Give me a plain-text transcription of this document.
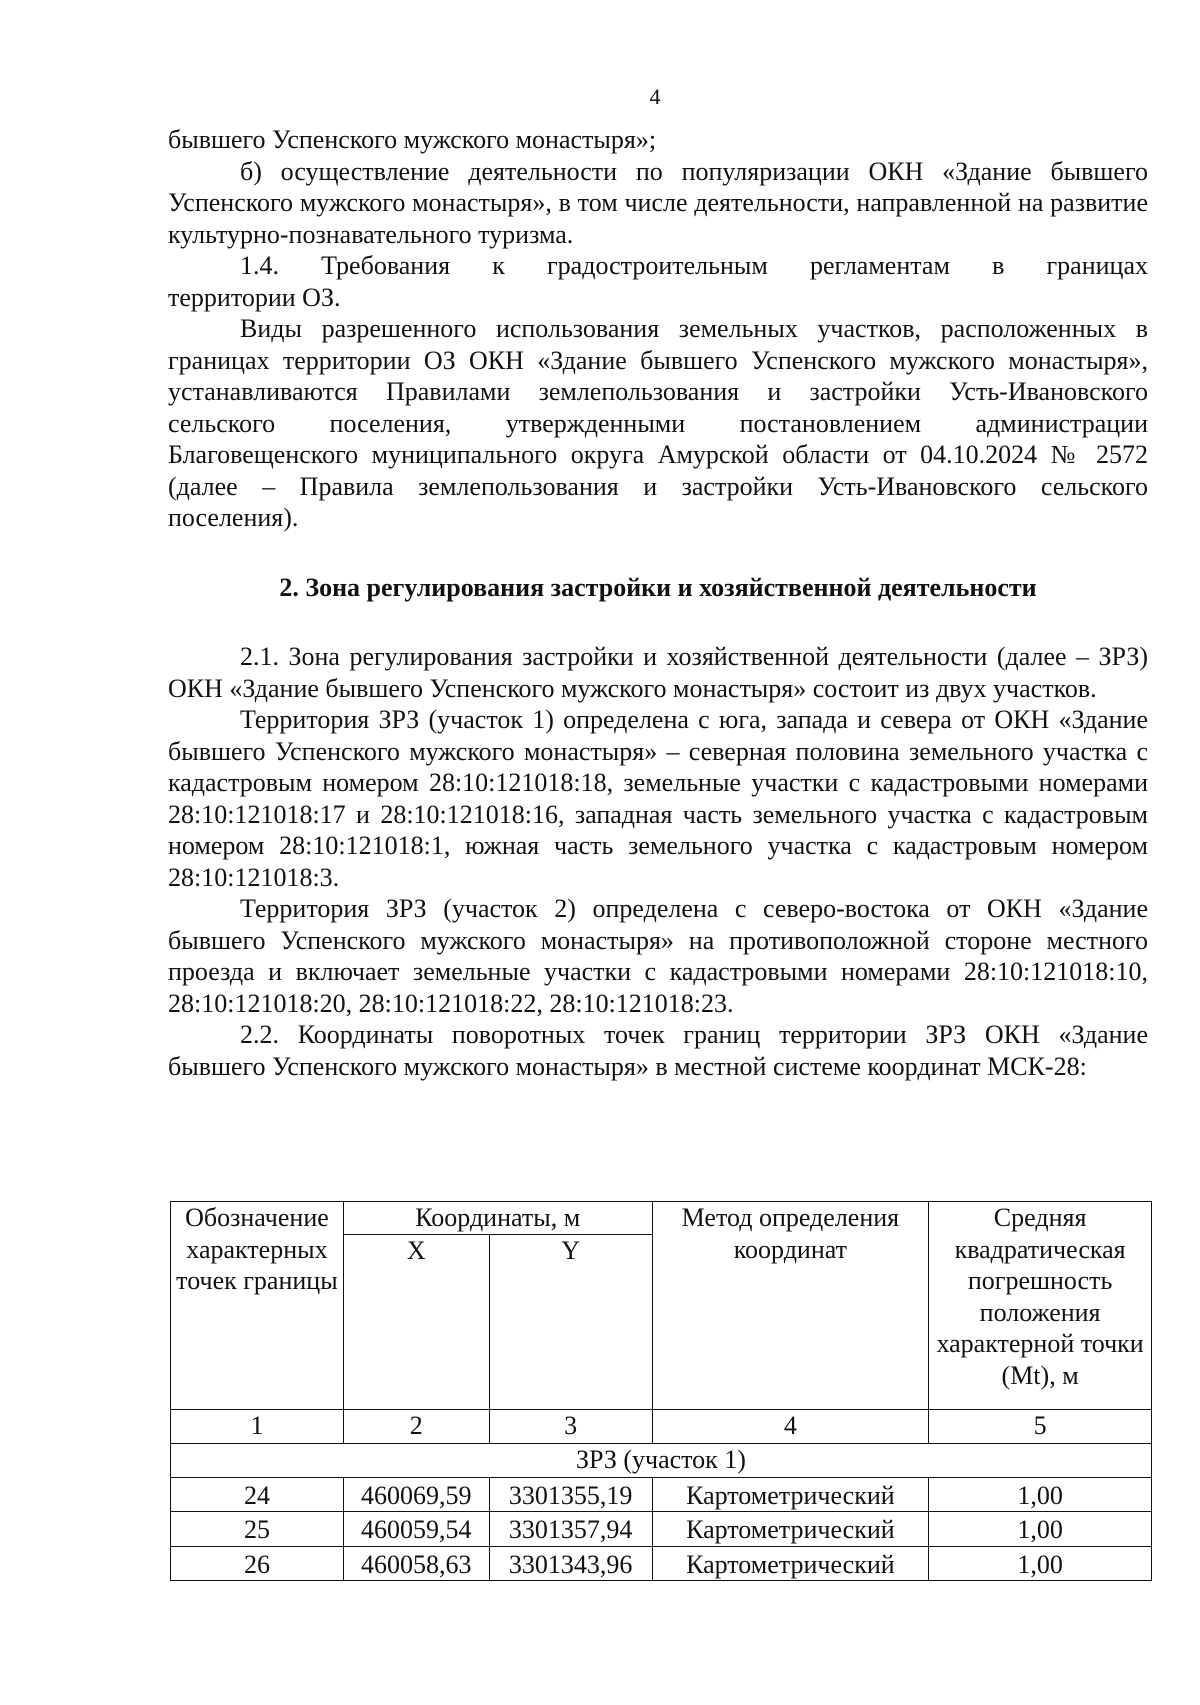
4

бывшего Успенского мужского монастыря»;

б) осуществление деятельности по популяризации ОКН «Здание бывшего Успенского мужского монастыря», в том числе деятельности, направленной на развитие культурно-познавательного туризма.

1.4. Требования к градостроительным регламентам в границах

территории ОЗ.

Виды разрешенного использования земельных участков, расположенных в границах территории ОЗ ОКН «Здание бывшего Успенского мужского монастыря», устанавливаются Правилами землепользования и застройки Усть-Ивановского сельского поселения, утвержденными постановлением администрации Благовещенского муниципального округа Амурской области от 04.10.2024 № 2572 (далее – Правила землепользования и застройки Усть-Ивановского сельского поселения).

2. Зона регулирования застройки и хозяйственной деятельности

2.1. Зона регулирования застройки и хозяйственной деятельности (далее – ЗРЗ) ОКН «Здание бывшего Успенского мужского монастыря» состоит из двух участков.

Территория ЗРЗ (участок 1) определена с юга, запада и севера от ОКН «Здание бывшего Успенского мужского монастыря» – северная половина земельного участка с кадастровым номером 28:10:121018:18, земельные участки с кадастровыми номерами 28:10:121018:17 и 28:10:121018:16, западная часть земельного участка с кадастровым номером 28:10:121018:1, южная часть земельного участка с кадастровым номером 28:10:121018:3.

Территория ЗРЗ (участок 2) определена с северо-востока от ОКН «Здание бывшего Успенского мужского монастыря» на противоположной стороне местного проезда и включает земельные участки с кадастровыми номерами 28:10:121018:10, 28:10:121018:20, 28:10:121018:22, 28:10:121018:23.

2.2. Координаты поворотных точек границ территории ЗРЗ ОКН «Здание бывшего Успенского мужского монастыря» в местной системе координат МСК-28:

Обозначение характерных точек границы	Координаты, м		Метод определения координат	Средняя квадратическая погрешность положения характерной точки (Mt), м
	X	Y		
1	2	3	4	5
ЗРЗ (участок 1)				
24	460069,59	3301355,19	Картометрический	1,00
25	460059,54	3301357,94	Картометрический	1,00
26	460058,63	3301343,96	Картометрический	1,00
